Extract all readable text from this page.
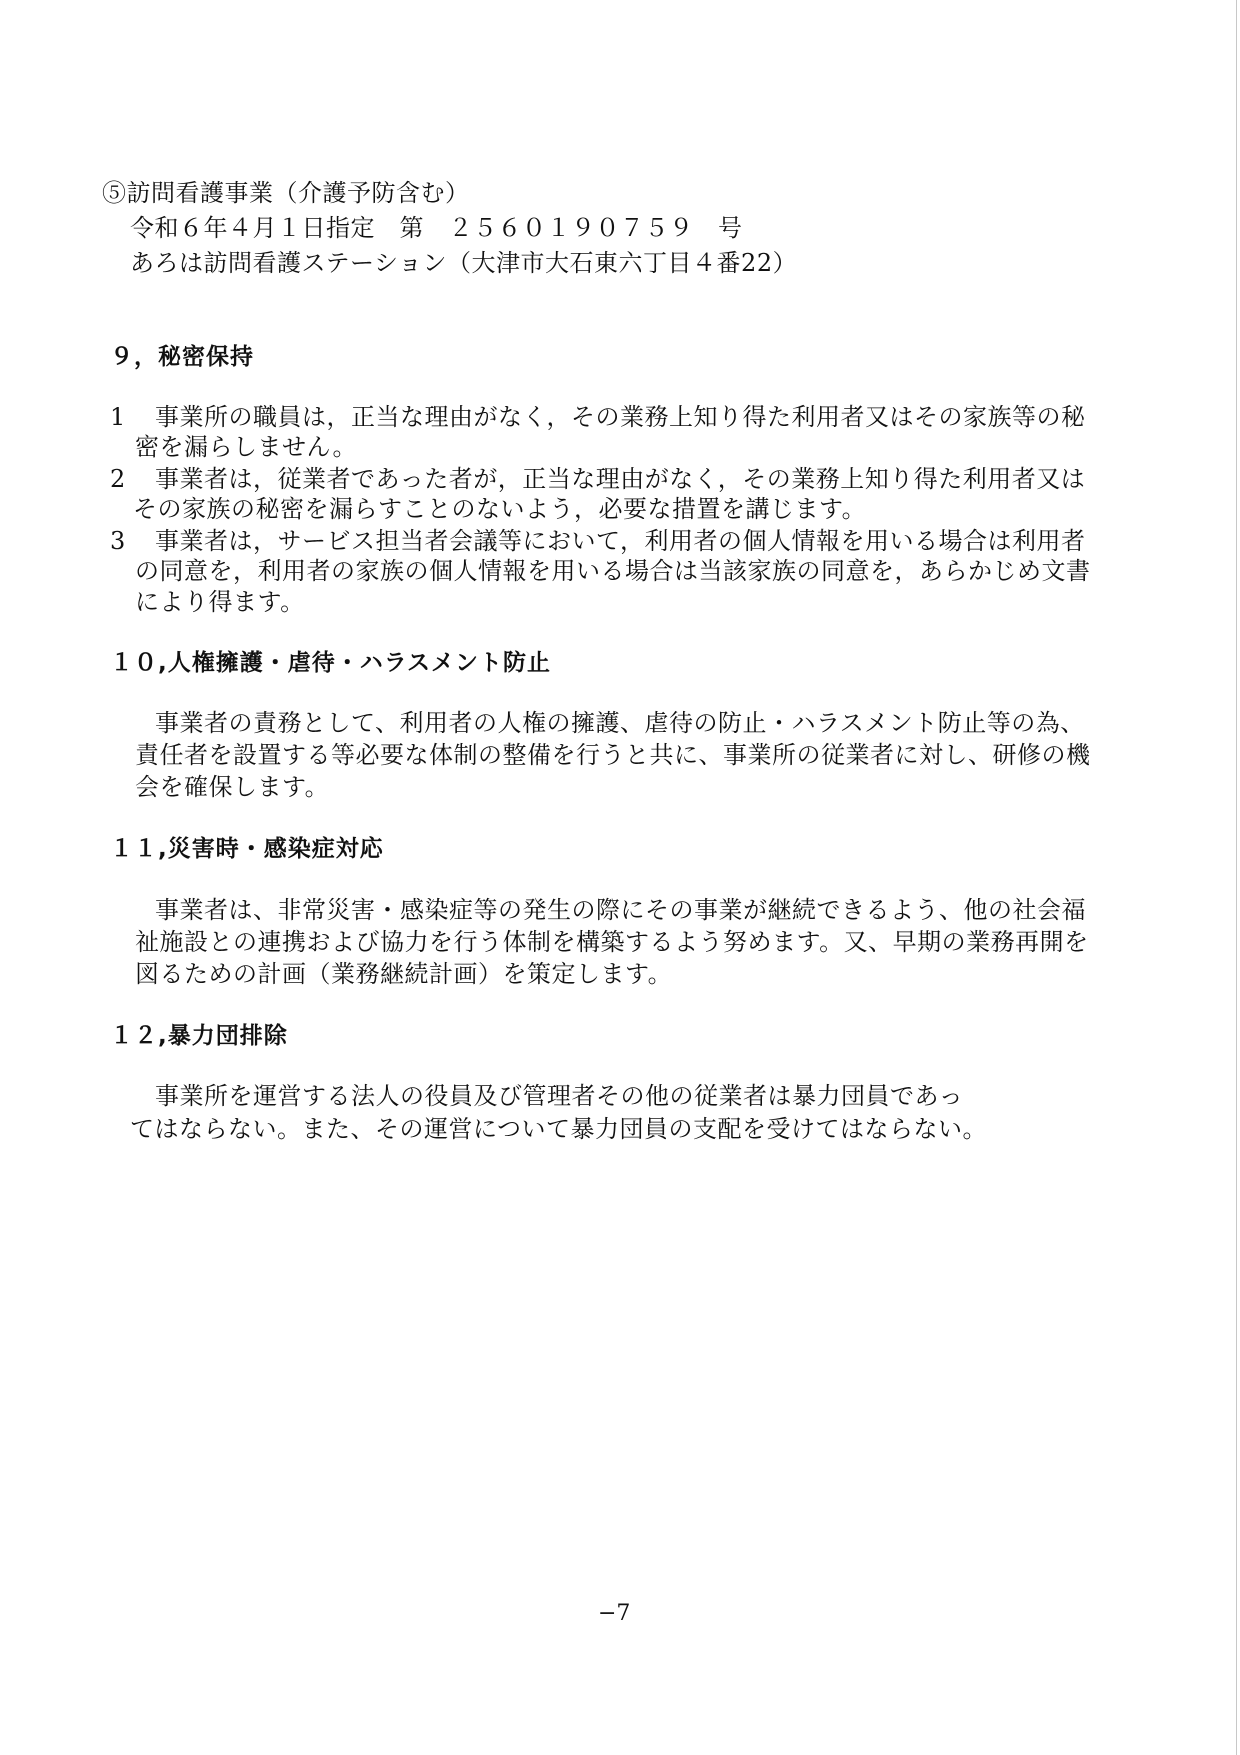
⑤訪問看護事業（介護予防含む）
令和６年４月１日指定　第　２５６０１９０７５９　号
あろは訪問看護ステーション（大津市大石東六丁目４番22）
９，秘密保持
1 事業所の職員は，正当な理由がなく，その業務上知り得た利用者又はその家族等の秘
密を漏らしません。
2 事業者は，従業者であった者が，正当な理由がなく，その業務上知り得た利用者又は
その家族の秘密を漏らすことのないよう，必要な措置を講じます。
3 事業者は，サービス担当者会議等において，利用者の個人情報を用いる場合は利用者
の同意を，利用者の家族の個人情報を用いる場合は当該家族の同意を，あらかじめ文書
により得ます。
１０,人権擁護・虐待・ハラスメント防止
事業者の責務として、利用者の人権の擁護、虐待の防止・ハラスメント防止等の為、
責任者を設置する等必要な体制の整備を行うと共に、事業所の従業者に対し、研修の機
会を確保します。
１１,災害時・感染症対応
事業者は、非常災害・感染症等の発生の際にその事業が継続できるよう、他の社会福
祉施設との連携および協力を行う体制を構築するよう努めます。又、早期の業務再開を
図るための計画（業務継続計画）を策定します。
１２,暴力団排除
事業所を運営する法人の役員及び管理者その他の従業者は暴力団員であっ
てはならない。また、その運営について暴力団員の支配を受けてはならない。
−7
